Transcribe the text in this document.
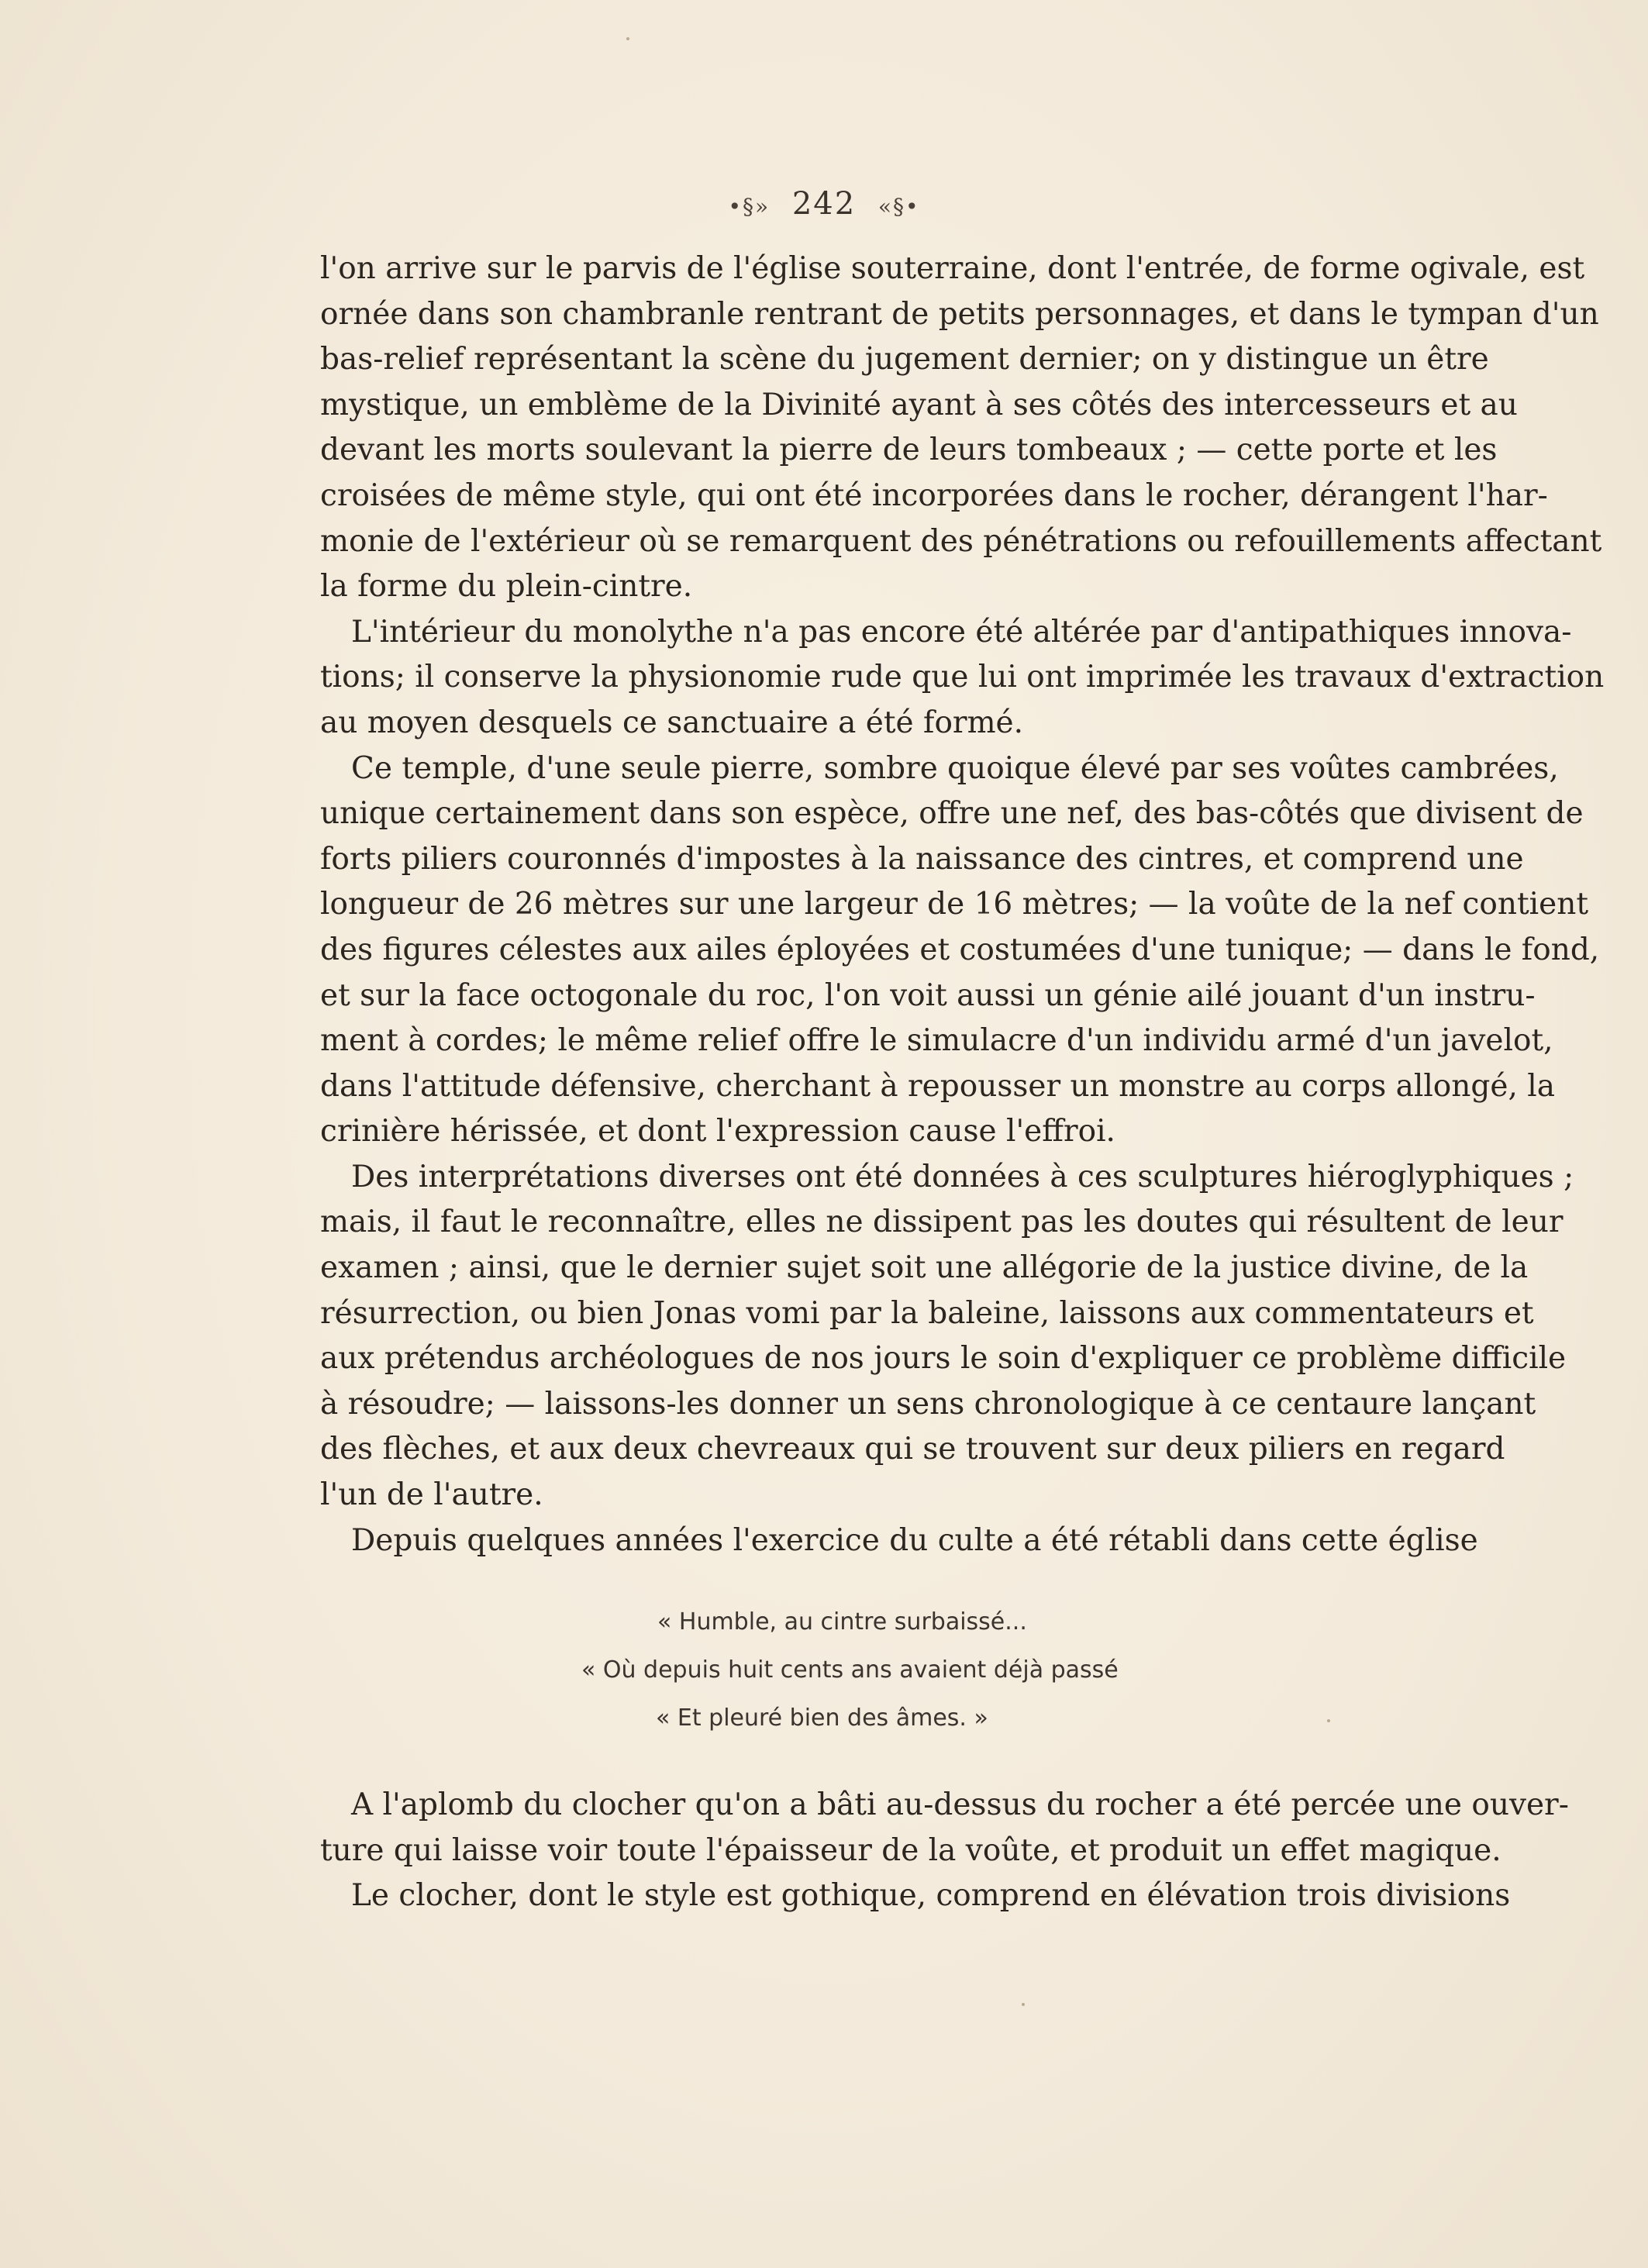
•⁠§⁠» 242 «⁠§⁠•
l'on arrive sur le parvis de l'église souterraine, dont l'entrée, de forme ogivale, est
ornée dans son chambranle rentrant de petits personnages, et dans le tympan d'un
bas-relief représentant la scène du jugement dernier; on y distingue un être
mystique, un emblème de la Divinité ayant à ses côtés des intercesseurs et au
devant les morts soulevant la pierre de leurs tombeaux ; — cette porte et les
croisées de même style, qui ont été incorporées dans le rocher, dérangent l'har-
monie de l'extérieur où se remarquent des pénétrations ou refouillements affectant
la forme du plein-cintre.
L'intérieur du monolythe n'a pas encore été altérée par d'antipathiques innova-
tions; il conserve la physionomie rude que lui ont imprimée les travaux d'extraction
au moyen desquels ce sanctuaire a été formé.
Ce temple, d'une seule pierre, sombre quoique élevé par ses voûtes cambrées,
unique certainement dans son espèce, offre une nef, des bas-côtés que divisent de
forts piliers couronnés d'impostes à la naissance des cintres, et comprend une
longueur de 26 mètres sur une largeur de 16 mètres; — la voûte de la nef contient
des figures célestes aux ailes éployées et costumées d'une tunique; — dans le fond,
et sur la face octogonale du roc, l'on voit aussi un génie ailé jouant d'un instru-
ment à cordes; le même relief offre le simulacre d'un individu armé d'un javelot,
dans l'attitude défensive, cherchant à repousser un monstre au corps allongé, la
crinière hérissée, et dont l'expression cause l'effroi.
Des interprétations diverses ont été données à ces sculptures hiéroglyphiques ;
mais, il faut le reconnaître, elles ne dissipent pas les doutes qui résultent de leur
examen ; ainsi, que le dernier sujet soit une allégorie de la justice divine, de la
résurrection, ou bien Jonas vomi par la baleine, laissons aux commentateurs et
aux prétendus archéologues de nos jours le soin d'expliquer ce problème difficile
à résoudre; — laissons-les donner un sens chronologique à ce centaure lançant
des flèches, et aux deux chevreaux qui se trouvent sur deux piliers en regard
l'un de l'autre.
Depuis quelques années l'exercice du culte a été rétabli dans cette église
« Humble, au cintre surbaissé...
« Où depuis huit cents ans avaient déjà passé
« Et pleuré bien des âmes. »
A l'aplomb du clocher qu'on a bâti au-dessus du rocher a été percée une ouver-
ture qui laisse voir toute l'épaisseur de la voûte, et produit un effet magique.
Le clocher, dont le style est gothique, comprend en élévation trois divisions
